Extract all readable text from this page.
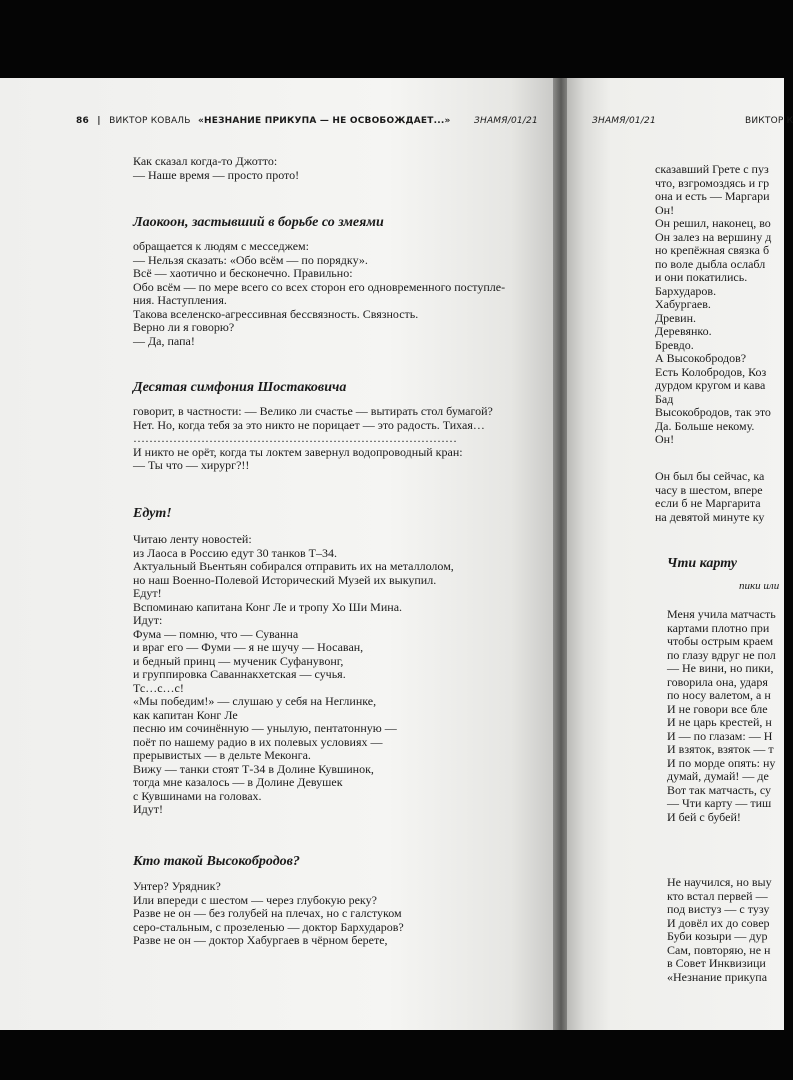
86 | ВИКТОР КОВАЛЬ «НЕЗНАНИЕ ПРИКУПА — НЕ ОСВОБОЖДАЕТ...»	ЗНАМЯ/01/21
Как сказал когда-то Джотто:
— Наше время — просто прото!
Лаокоон, застывший в борьбе со змеями
обращается к людям с месседжем:
— Нельзя сказать: «Обо всём — по порядку».
Всё — хаотично и бесконечно. Правильно:
Обо всём — по мере всего со всех сторон его одновременного поступле-
ния. Наступления.
Такова вселенско-агрессивная бессвязность. Связность.
Верно ли я говорю?
— Да, папа!
Десятая симфония Шостаковича
говорит, в частности: — Велико ли счастье — вытирать стол бумагой?
Нет. Но, когда тебя за это никто не порицает — это радость. Тихая…
………………………………………………………………………
И никто не орёт, когда ты локтем завернул водопроводный кран:
— Ты что — хирург?!!
Едут!
Читаю ленту новостей:
из Лаоса в Россию едут 30 танков Т–34.
Актуальный Вьентьян собирался отправить их на металлолом,
но наш Военно-Полевой Исторический Музей их выкупил.
Едут!
Вспоминаю капитана Конг Ле и тропу Хо Ши Мина.
Идут:
Фума — помню, что — Суванна
и враг его — Фуми — я не шучу — Носаван,
и бедный принц — мученик Суфанувонг,
и группировка Саваннакхетская — сучья.
Тс…с…с!
«Мы победим!» — слушаю у себя на Неглинке,
как капитан Конг Ле
песню им сочинённую — унылую, пентатонную —
поёт по нашему радио в их полевых условиях —
прерывистых — в дельте Меконга.
Вижу — танки стоят Т-34 в Долине Кувшинок,
тогда мне казалось — в Долине Девушек
с Кувшинами на головах.
Идут!
Кто такой Высокобродов?
Унтер? Урядник?
Или впереди с шестом — через глубокую реку?
Разве не он — без голубей на плечах, но с галстуком
серо-стальным, с прозеленью — доктор Бархударов?
Разве не он — доктор Хабургаев в чёрном берете,
ЗНАМЯ/01/21	ВИКТОР К
сказавший Грете с пуз
что, взгромоздясь и гр
она и есть — Маргари
Он!
Он решил, наконец, во
Он залез на вершину д
но крепёжная связка б
по воле дыбла ослабл
и они покатились.
Бархударов.
Хабургаев.
Древин.
Деревянко.
Бревдо.
А Высокобродов?
Есть Колобродов, Коз
дурдом кругом и кава
Бад
Высокобродов, так это
Да. Больше некому.
Он!
Он был бы сейчас, ка
часу в шестом, впере
если б не Маргарита
на девятой минуте ку
Чти карту
пики или
Меня учила матчасть
картами плотно при
чтобы острым краем
по глазу вдруг не пол
— Не вини, но пики,
говорила она, ударя
по носу валетом, а н
И не говори все бле
И не царь крестей, н
И — по глазам: — Н
И взяток, взяток — т
И по морде опять: ну
думай, думай! — де
Вот так матчасть, су
— Чти карту — тиш
И бей с бубей!
Не научился, но выу
кто встал первей —
под вистуз — с тузу
И довёл их до совер
Буби козыри — дур
Сам, повторяю, не н
в Совет Инквизици
«Незнание прикупа
